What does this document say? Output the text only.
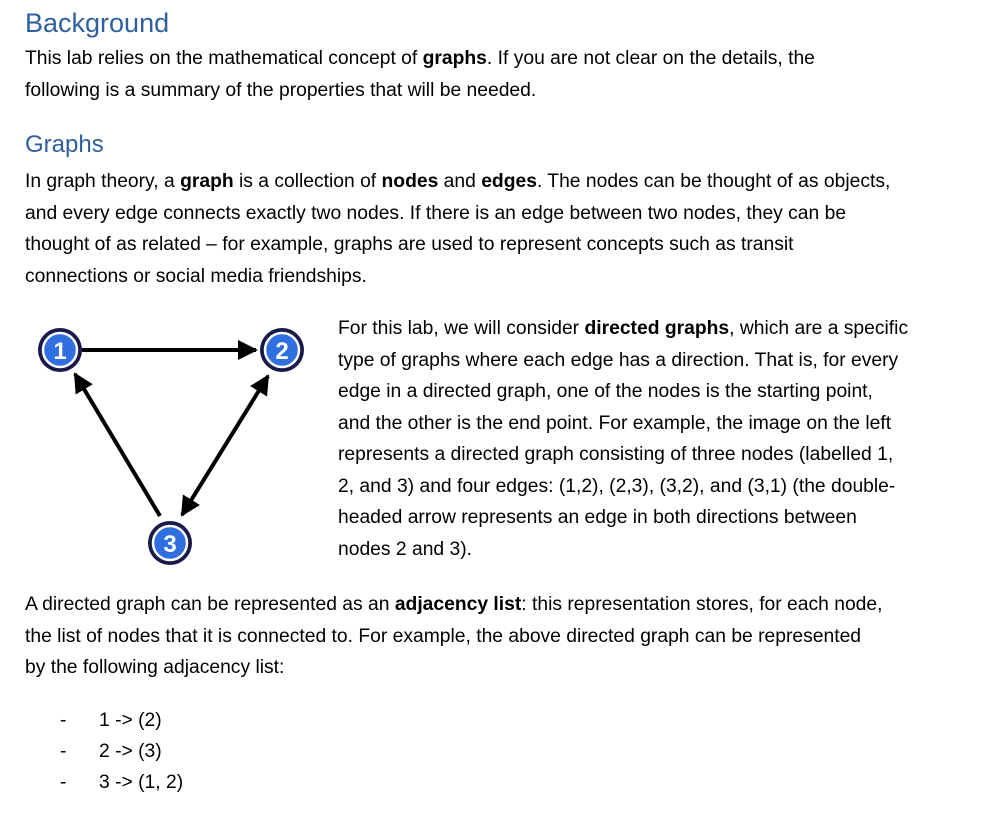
Background

This lab relies on the mathematical concept of graphs. If you are not clear on the details, the
following is a summary of the properties that will be needed.

Graphs

In graph theory, a graph is a collection of nodes and edges. The nodes can be thought of as objects,
and every edge connects exactly two nodes. If there is an edge between two nodes, they can be
thought of as related – for example, graphs are used to represent concepts such as transit
connections or social media friendships.

1	2
3

For this lab, we will consider directed graphs, which are a specific
type of graphs where each edge has a direction. That is, for every
edge in a directed graph, one of the nodes is the starting point,
and the other is the end point. For example, the image on the left
represents a directed graph consisting of three nodes (labelled 1,
2, and 3) and four edges: (1,2), (2,3), (3,2), and (3,1) (the double-
headed arrow represents an edge in both directions between
nodes 2 and 3).

A directed graph can be represented as an adjacency list: this representation stores, for each node,
the list of nodes that it is connected to. For example, the above directed graph can be represented
by the following adjacency list:

- 1 -> (2)
- 2 -> (3)
- 3 -> (1, 2)
